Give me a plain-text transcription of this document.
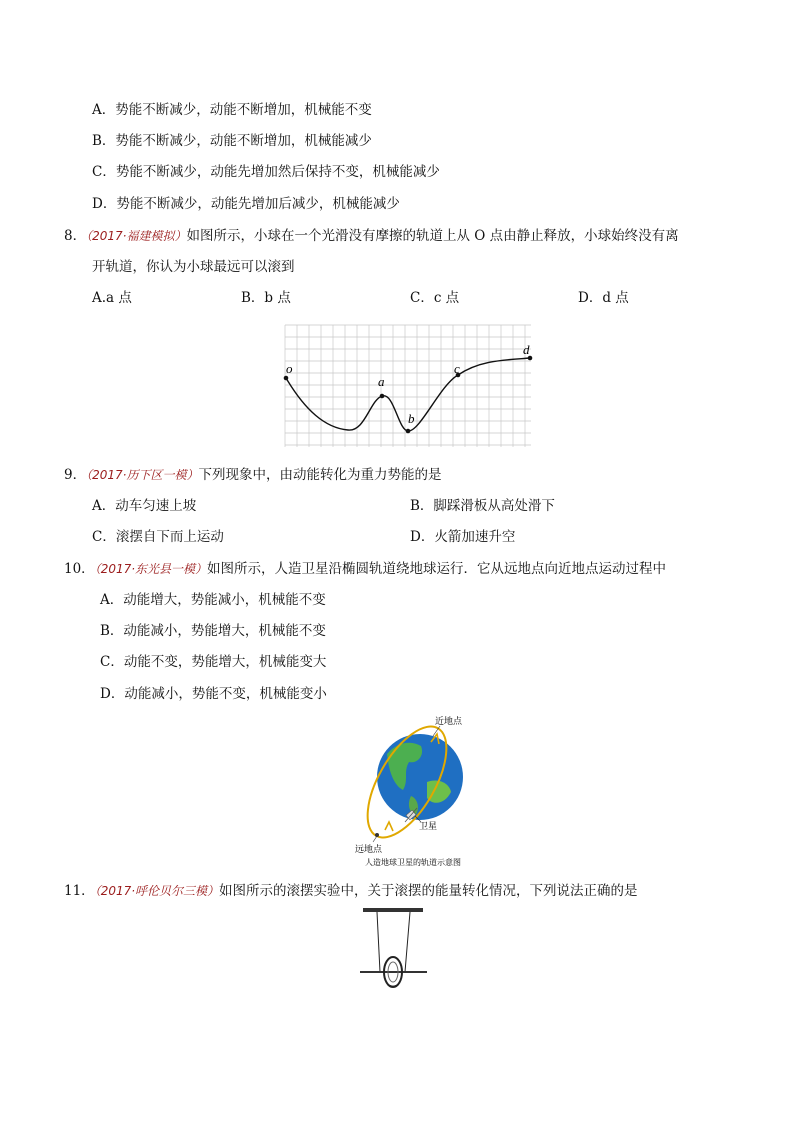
A．势能不断减少，动能不断增加，机械能不变
B．势能不断减少，动能不断增加，机械能减少
C．势能不断减少，动能先增加然后保持不变，机械能减少
D．势能不断减少，动能先增加后减少，机械能减少
8．（2017·福建模拟）如图所示，小球在一个光滑没有摩擦的轨道上从 O 点由静止释放，小球始终没有离
开轨道，你认为小球最远可以滚到
A.a 点	B．b 点	C．c 点	D．d 点
o
a
b
c
d
9．（2017·历下区一模）下列现象中，由动能转化为重力势能的是
A．动车匀速上坡	B．脚踩滑板从高处滑下
C．滚摆自下而上运动	D．火箭加速升空
10．（2017·东光县一模）如图所示，人造卫星沿椭圆轨道绕地球运行．它从远地点向近地点运动过程中
A．动能增大，势能减小，机械能不变
B．动能减小，势能增大，机械能不变
C．动能不变，势能增大，机械能变大
D．动能减小，势能不变，机械能变小
近地点
卫星
远地点
人造地球卫星的轨道示意图
11．（2017·呼伦贝尔三模）如图所示的滚摆实验中，关于滚摆的能量转化情况，下列说法正确的是
